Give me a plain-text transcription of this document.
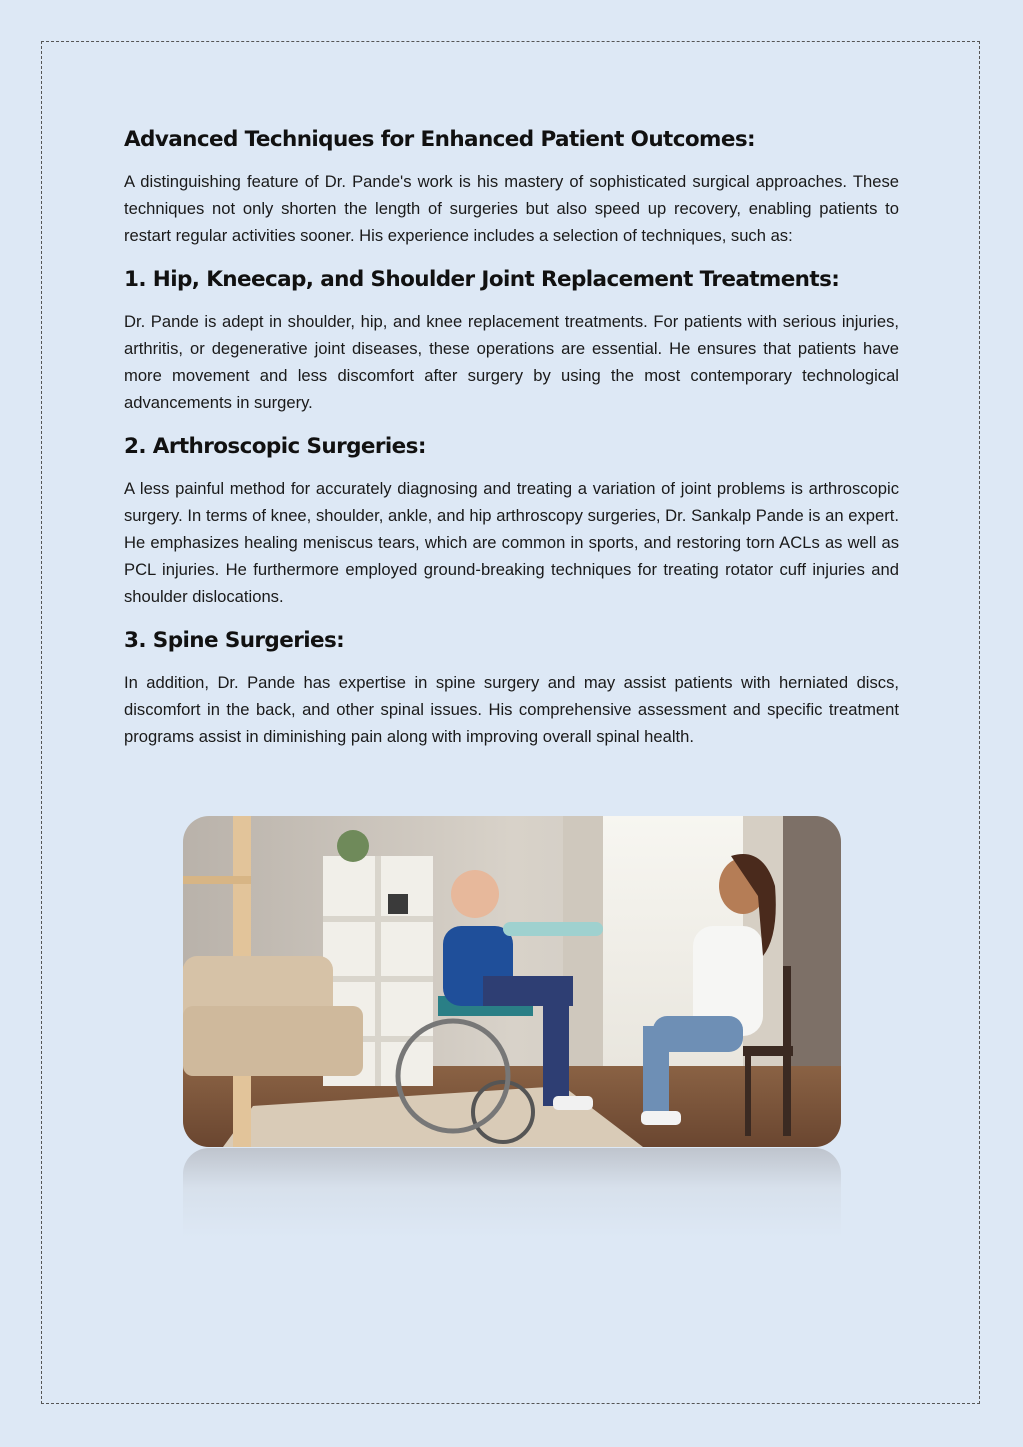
Advanced Techniques for Enhanced Patient Outcomes:

A distinguishing feature of Dr. Pande's work is his mastery of sophisticated surgical approaches. These techniques not only shorten the length of surgeries but also speed up recovery, enabling patients to restart regular activities sooner. His experience includes a selection of techniques, such as:

1. Hip, Kneecap, and Shoulder Joint Replacement Treatments:

Dr. Pande is adept in shoulder, hip, and knee replacement treatments. For patients with serious injuries, arthritis, or degenerative joint diseases, these operations are essential. He ensures that patients have more movement and less discomfort after surgery by using the most contemporary technological advancements in surgery.

2. Arthroscopic Surgeries:

A less painful method for accurately diagnosing and treating a variation of joint problems is arthroscopic surgery. In terms of knee, shoulder, ankle, and hip arthroscopy surgeries, Dr. Sankalp Pande is an expert. He emphasizes healing meniscus tears, which are common in sports, and restoring torn ACLs as well as PCL injuries. He furthermore employed ground-breaking techniques for treating rotator cuff injuries and shoulder dislocations.

3. Spine Surgeries:

In addition, Dr. Pande has expertise in spine surgery and may assist patients with herniated discs, discomfort in the back, and other spinal issues. His comprehensive assessment and specific treatment programs assist in diminishing pain along with improving overall spinal health.
